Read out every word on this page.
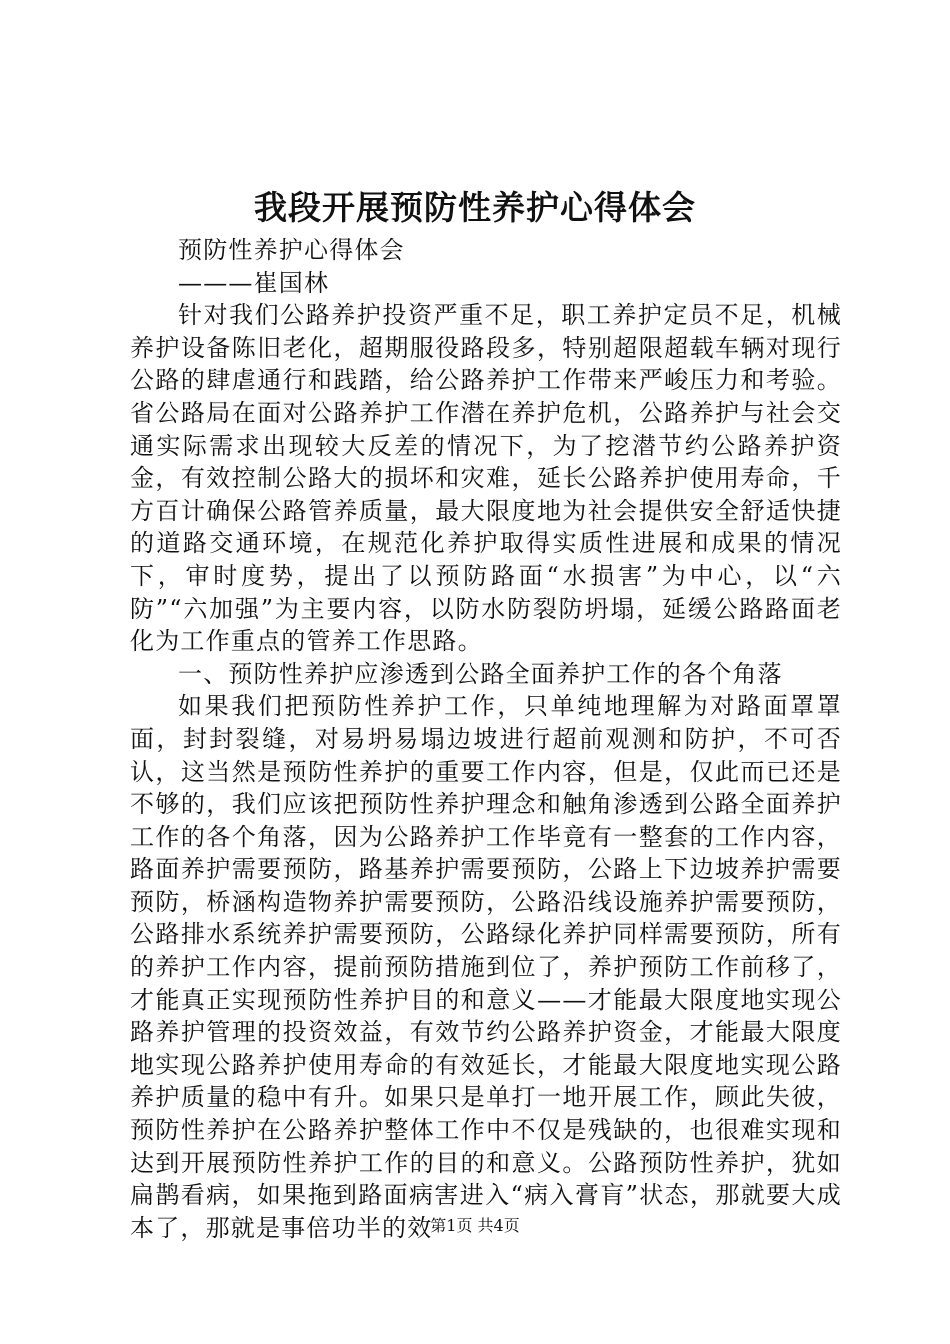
我段开展预防性养护心得体会

预防性养护心得体会

———崔国林

针对我们公路养护投资严重不足，职工养护定员不足，机械养护设备陈旧老化，超期服役路段多，特别超限超载车辆对现行公路的肆虐通行和践踏，给公路养护工作带来严峻压力和考验。省公路局在面对公路养护工作潜在养护危机，公路养护与社会交通实际需求出现较大反差的情况下，为了挖潜节约公路养护资金，有效控制公路大的损坏和灾难，延长公路养护使用寿命，千方百计确保公路管养质量，最大限度地为社会提供安全舒适快捷的道路交通环境，在规范化养护取得实质性进展和成果的情况下，审时度势，提出了以预防路面“水损害”为中心，以“六防”“六加强”为主要内容，以防水防裂防坍塌，延缓公路路面老化为工作重点的管养工作思路。

一、预防性养护应渗透到公路全面养护工作的各个角落

如果我们把预防性养护工作，只单纯地理解为对路面罩罩面，封封裂缝，对易坍易塌边坡进行超前观测和防护，不可否认，这当然是预防性养护的重要工作内容，但是，仅此而已还是不够的，我们应该把预防性养护理念和触角渗透到公路全面养护工作的各个角落，因为公路养护工作毕竟有一整套的工作内容，路面养护需要预防，路基养护需要预防，公路上下边坡养护需要预防，桥涵构造物养护需要预防，公路沿线设施养护需要预防，公路排水系统养护需要预防，公路绿化养护同样需要预防，所有的养护工作内容，提前预防措施到位了，养护预防工作前移了，才能真正实现预防性养护目的和意义——才能最大限度地实现公路养护管理的投资效益，有效节约公路养护资金，才能最大限度地实现公路养护使用寿命的有效延长，才能最大限度地实现公路养护质量的稳中有升。如果只是单打一地开展工作，顾此失彼，预防性养护在公路养护整体工作中不仅是残缺的，也很难实现和达到开展预防性养护工作的目的和意义。公路预防性养护，犹如扁鹊看病，如果拖到路面病害进入“病入膏肓”状态，那就要大成本了，那就是事倍功半的效

第1页 共4页
